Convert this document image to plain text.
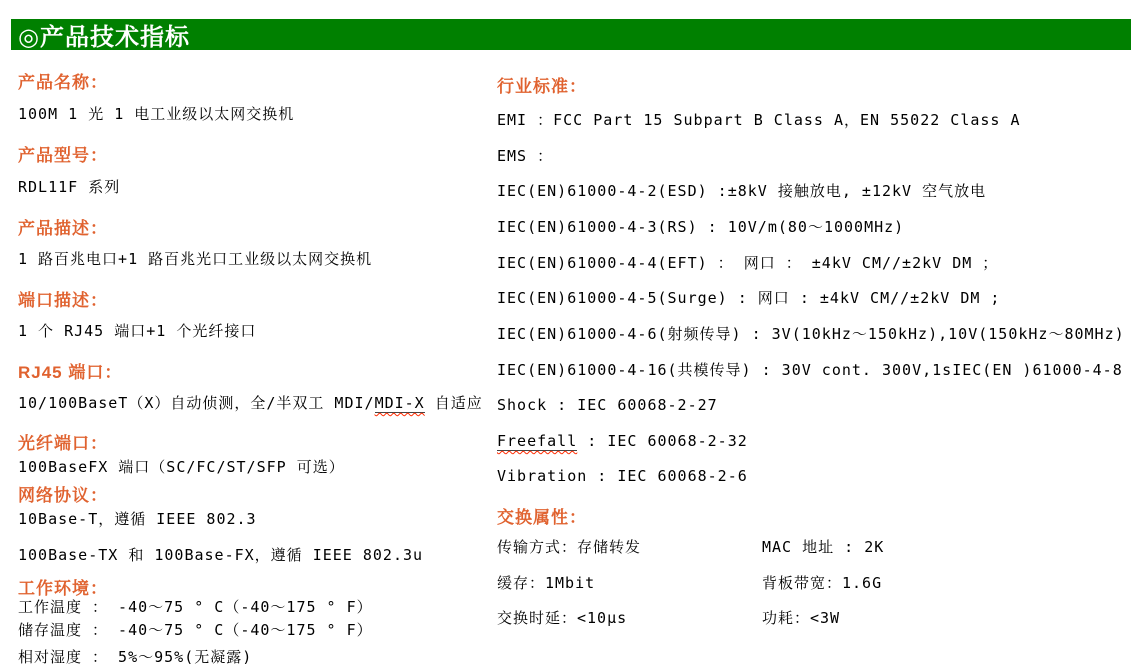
◎产品技术指标
产品名称：
100M 1 光 1 电工业级以太网交换机
产品型号：
RDL11F 系列
产品描述：
1 路百兆电口+1 路百兆光口工业级以太网交换机
端口描述：
1 个 RJ45 端口+1 个光纤接口
RJ45 端口：
10/100BaseT（X）自动侦测，全/半双工 MDI/MDI-X 自适应
光纤端口：
100BaseFX 端口（SC/FC/ST/SFP 可选）
网络协议：
10Base-T，遵循 IEEE 802.3
100Base-TX 和 100Base-FX，遵循 IEEE 802.3u
工作环境：
工作温度 ： -40～75 ° C（-40～175 ° F）
储存温度 ： -40～75 ° C（-40～175 ° F）
相对湿度 ： 5%～95%(无凝露)
行业标准：
EMI ：FCC Part 15 Subpart B Class A，EN 55022 Class A
EMS ：
IEC(EN)61000-4-2(ESD) :±8kV 接触放电, ±12kV 空气放电
IEC(EN)61000-4-3(RS) : 10V/m(80～1000MHz)
IEC(EN)61000-4-4(EFT) ： 网口 ： ±4kV CM//±2kV DM ；
IEC(EN)61000-4-5(Surge) : 网口 : ±4kV CM//±2kV DM ;
IEC(EN)61000-4-6(射频传导) : 3V(10kHz～150kHz),10V(150kHz～80MHz)
IEC(EN)61000-4-16(共模传导) : 30V cont. 300V,1sIEC(EN )61000-4-8
Shock : IEC 60068-2-27
Freefall : IEC 60068-2-32
Vibration : IEC 60068-2-6
交换属性：
传输方式：存储转发	MAC 地址 : 2K
缓存：1Mbit	背板带宽：1.6G
交换时延：<10μs	功耗：<3W
